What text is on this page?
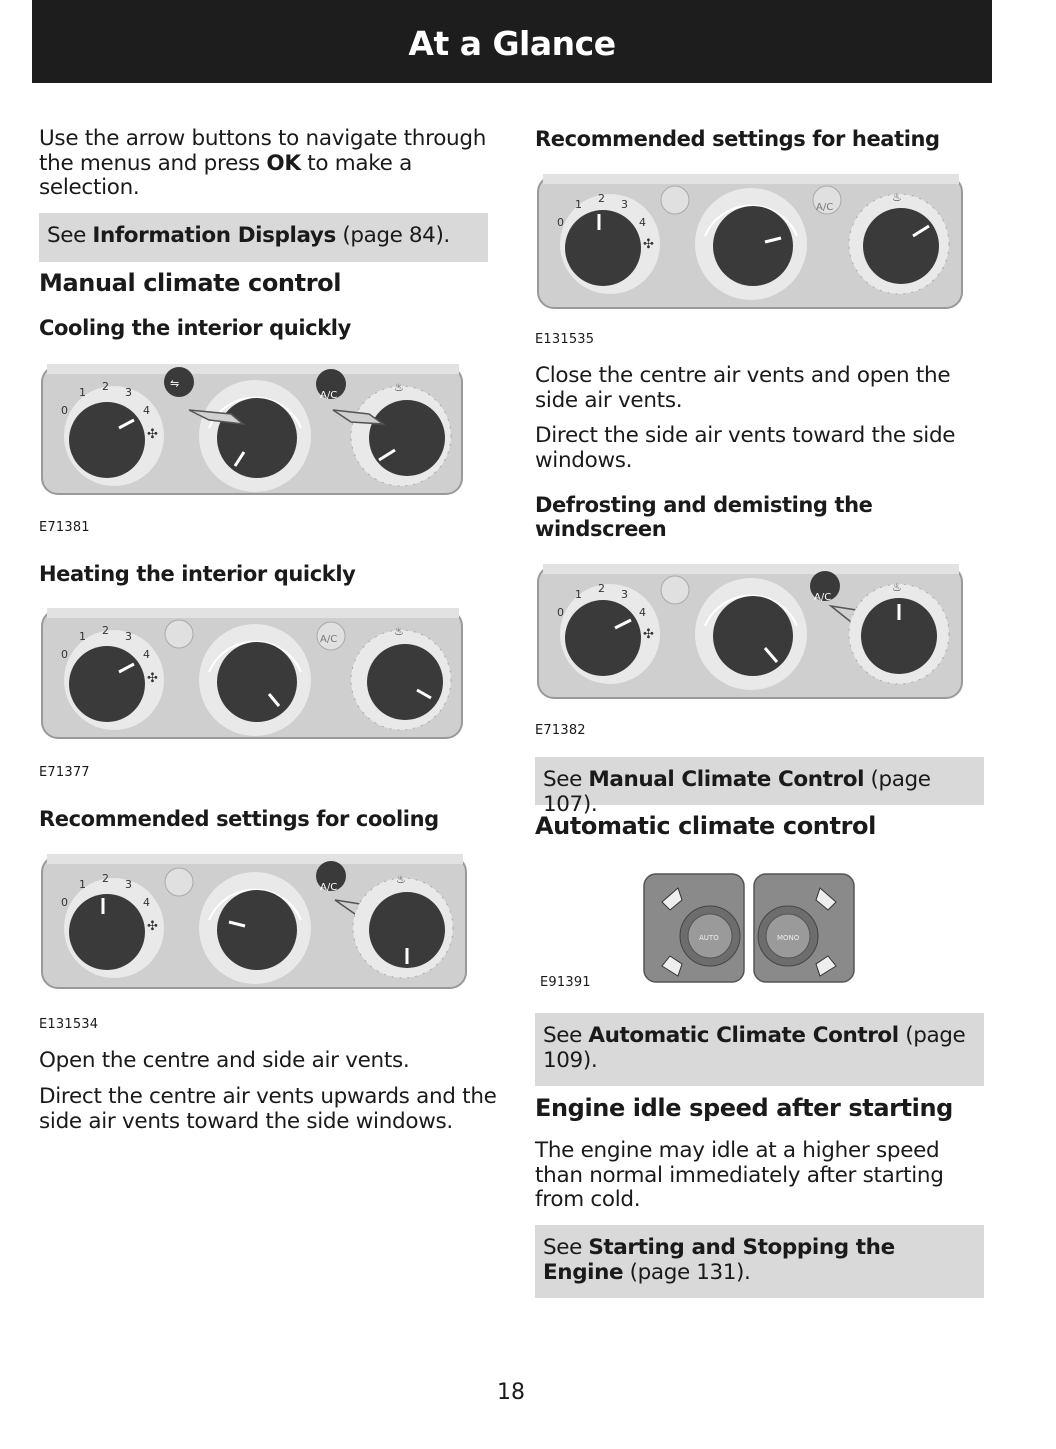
At a Glance

Use the arrow buttons to navigate through the menus and press OK to make a selection.

See Information Displays (page 84).
Manual climate control
Cooling the interior quickly
0
1 2 3
4
✣
⇋
A/C
♨
E71381
Heating the interior quickly
0
1 2 3
4
✣
A/C
♨
E71377
Recommended settings for cooling
0
1 2 3
4
✣
A/C
♨
E131534

Open the centre and side air vents.

Direct the centre air vents upwards and the side air vents toward the side windows.

Recommended settings for heating
0
1 2 3
4
✣
A/C
♨
E131535

Close the centre air vents and open the side air vents.

Direct the side air vents toward the side windows.

Defrosting and demisting the windscreen
0
1 2 3
4
✣
A/C
♨
E71382
See Manual Climate Control (page 107).
Automatic climate control
AUTO	MONO
E91391
See Automatic Climate Control (page 109).
Engine idle speed after starting

The engine may idle at a higher speed than normal immediately after starting from cold.

See Starting and Stopping the Engine (page 131).
18
